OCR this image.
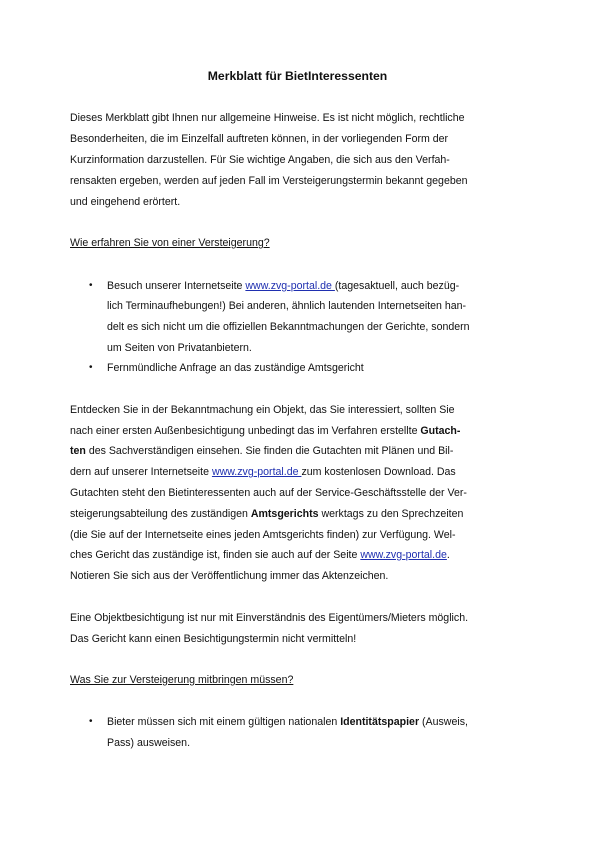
Merkblatt für BietInteressenten
Dieses Merkblatt gibt Ihnen nur allgemeine Hinweise. Es ist nicht möglich, rechtliche
Besonderheiten, die im Einzelfall auftreten können, in der vorliegenden Form der
Kurzinformation darzustellen. Für Sie wichtige Angaben, die sich aus den Verfah-
rensakten ergeben, werden auf jeden Fall im Versteigerungstermin bekannt gegeben
und eingehend erörtert.
Wie erfahren Sie von einer Versteigerung?
• Besuch unserer Internetseite www.zvg-portal.de (tagesaktuell, auch bezüg-
lich Terminaufhebungen!) Bei anderen, ähnlich lautenden Internetseiten han-
delt es sich nicht um die offiziellen Bekanntmachungen der Gerichte, sondern
um Seiten von Privatanbietern.
• Fernmündliche Anfrage an das zuständige Amtsgericht
Entdecken Sie in der Bekanntmachung ein Objekt, das Sie interessiert, sollten Sie
nach einer ersten Außenbesichtigung unbedingt das im Verfahren erstellte Gutach-
ten des Sachverständigen einsehen. Sie finden die Gutachten mit Plänen und Bil-
dern auf unserer Internetseite www.zvg-portal.de zum kostenlosen Download. Das
Gutachten steht den Bietinteressenten auch auf der Service-Geschäftsstelle der Ver-
steigerungsabteilung des zuständigen Amtsgerichts werktags zu den Sprechzeiten
(die Sie auf der Internetseite eines jeden Amtsgerichts finden) zur Verfügung. Wel-
ches Gericht das zuständige ist, finden sie auch auf der Seite www.zvg-portal.de.
Notieren Sie sich aus der Veröffentlichung immer das Aktenzeichen.
Eine Objektbesichtigung ist nur mit Einverständnis des Eigentümers/Mieters möglich.
Das Gericht kann einen Besichtigungstermin nicht vermitteln!
Was Sie zur Versteigerung mitbringen müssen?
• Bieter müssen sich mit einem gültigen nationalen Identitätspapier (Ausweis,
Pass) ausweisen.
